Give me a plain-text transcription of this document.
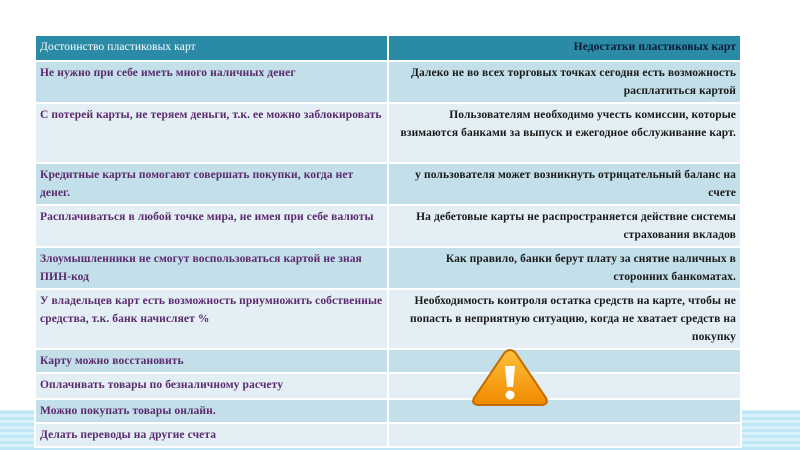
Достоинство пластиковых карт	Недостатки пластиковых карт
Не нужно при себе иметь много наличных денег	Далеко не во всех торговых точках сегодня есть возможность расплатиться картой
С потерей карты, не теряем деньги, т.к. ее можно заблокировать	Пользователям необходимо учесть комиссии, которые взимаются банками за выпуск и ежегодное обслуживание карт.
Кредитные карты помогают совершать покупки, когда нет денег.	у пользователя может возникнуть отрицательный баланс на счете
Расплачиваться в любой точке мира, не имея при себе валюты	На дебетовые карты не распространяется действие системы страхования вкладов
Злоумышленники не смогут воспользоваться картой не зная ПИН-код	Как правило, банки берут плату за снятие наличных в сторонних банкоматах.
У владельцев карт есть возможность приумножить собственные средства, т.к. банк начисляет %	Необходимость контроля остатка средств на карте, чтобы не попасть в неприятную ситуацию, когда не хватает средств на покупку
Карту можно восстановить	
Оплачивать товары по безналичному расчету	
Можно покупать товары онлайн.	
Делать переводы на другие счета	
